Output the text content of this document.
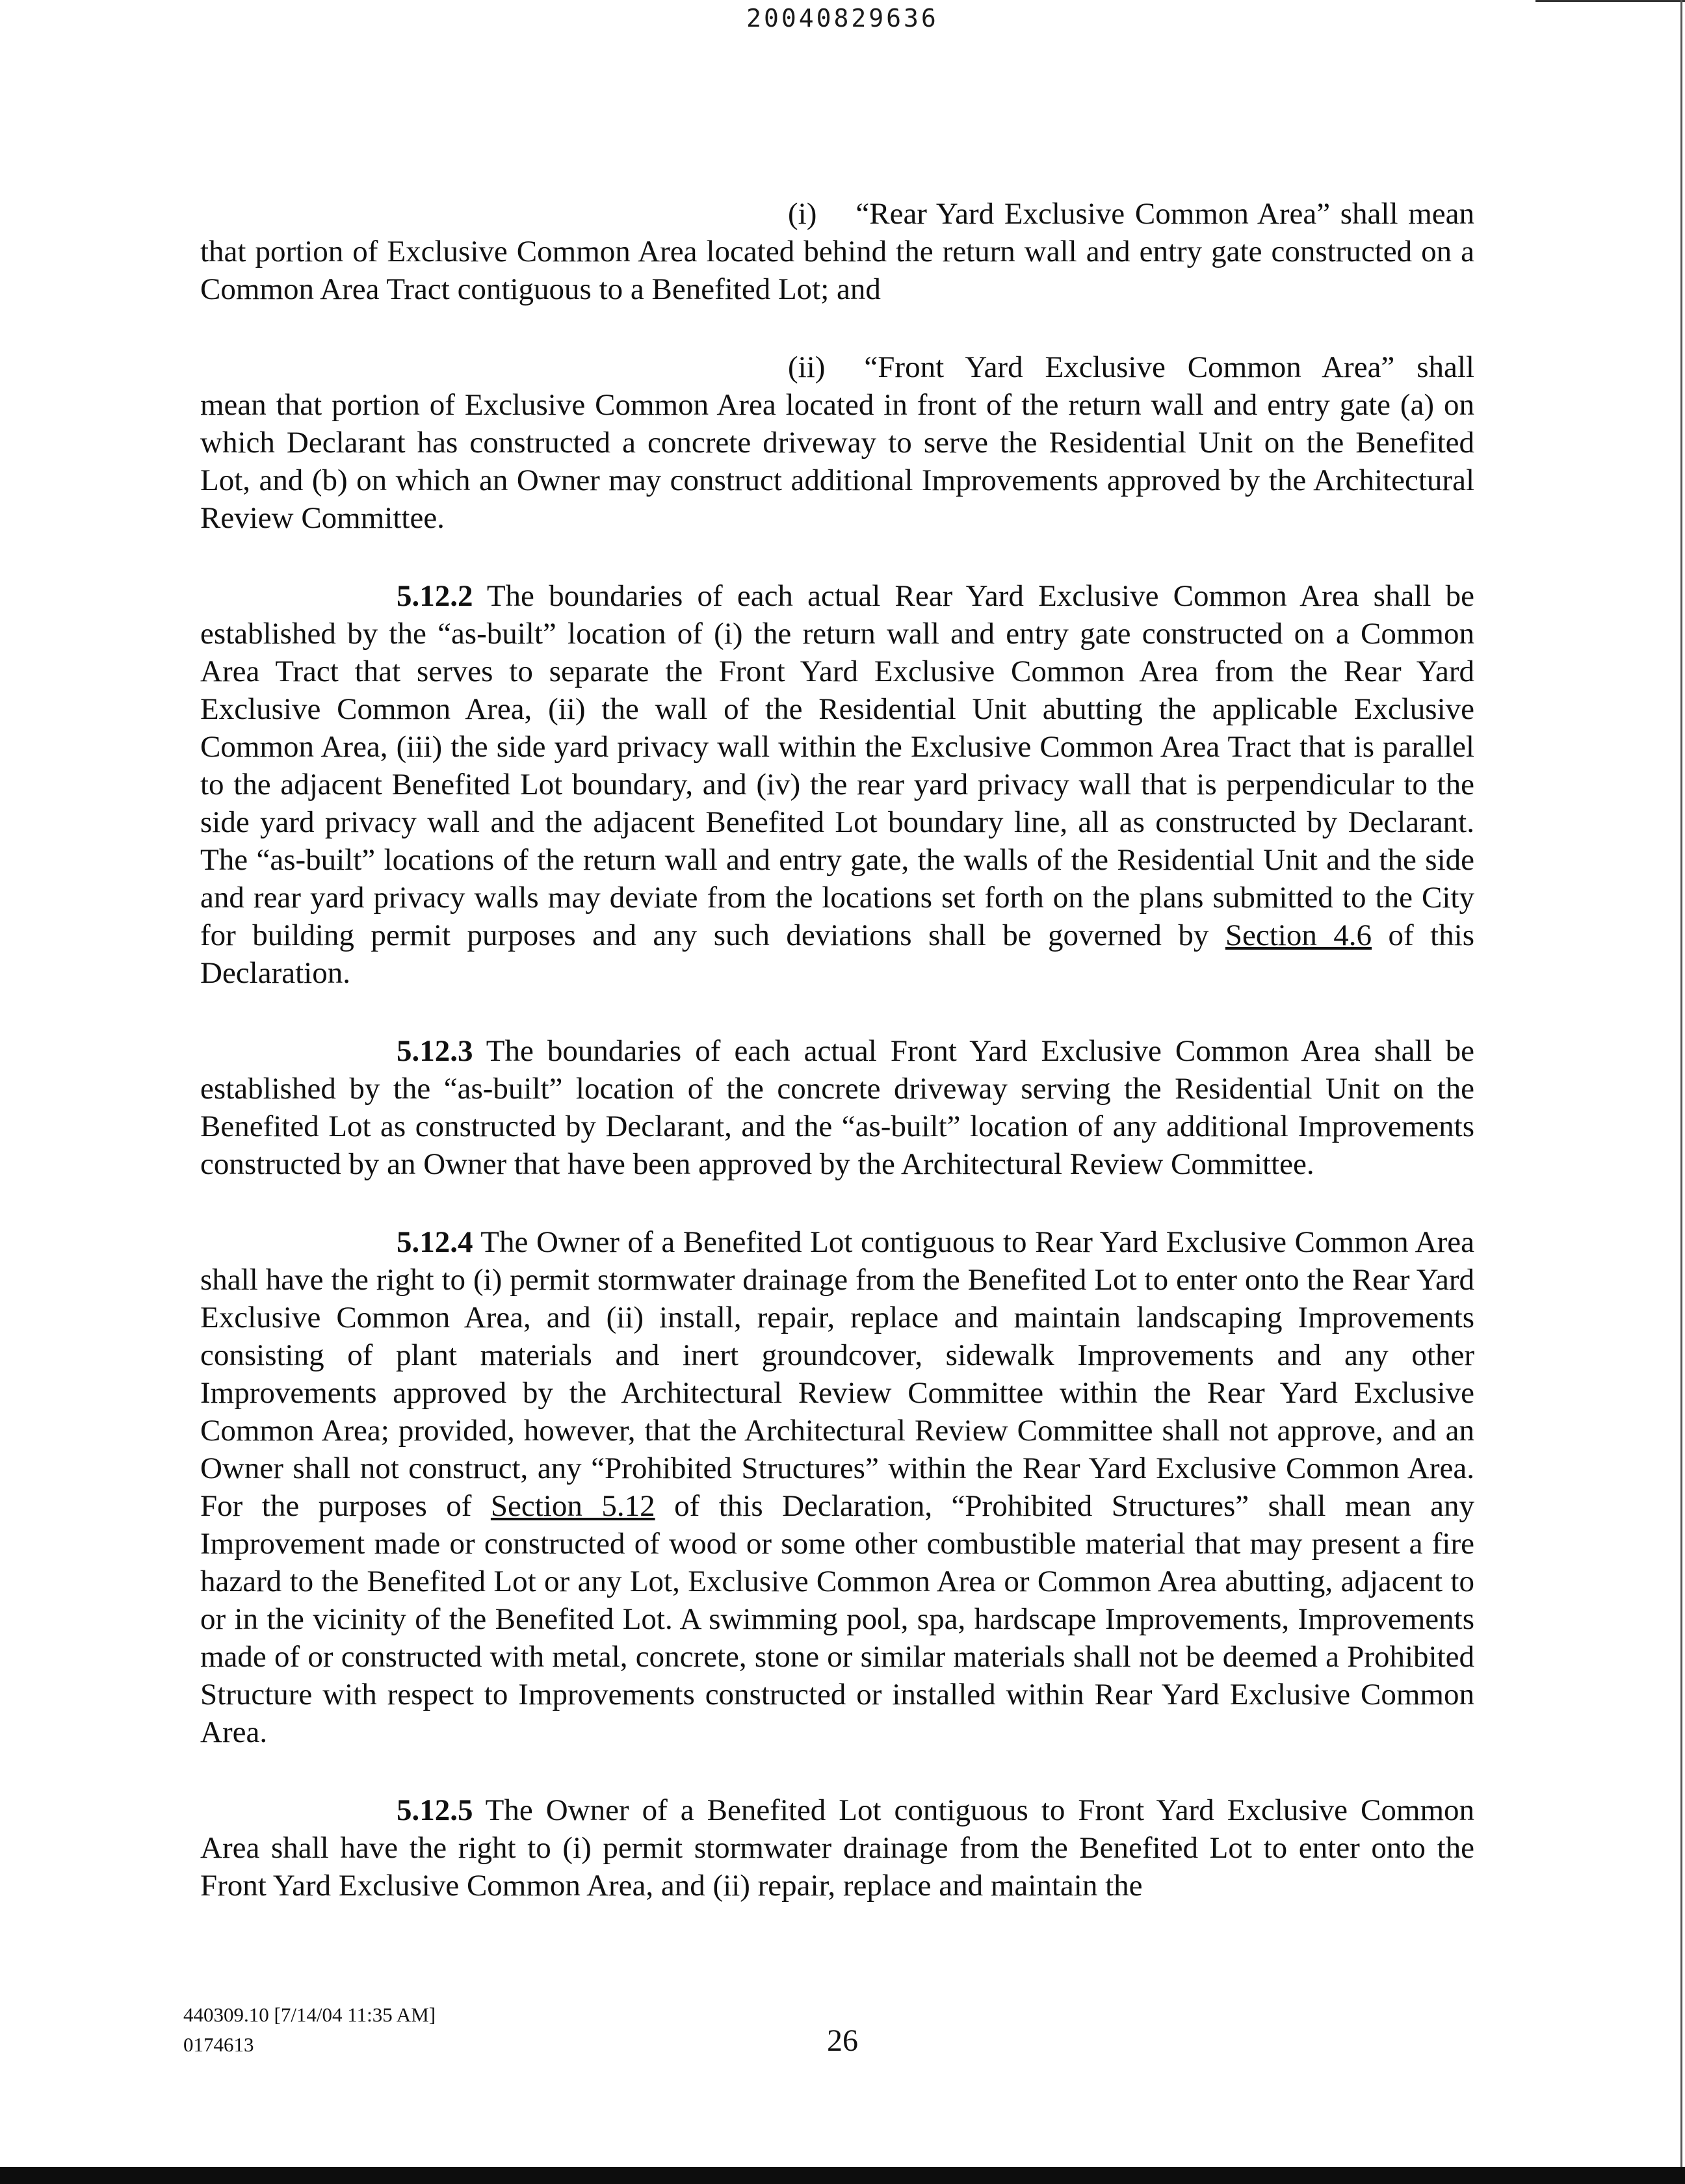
20040829636

(i) “Rear Yard Exclusive Common Area” shall mean that portion of Exclusive Common Area located behind the return wall and entry gate constructed on a Common Area Tract contiguous to a Benefited Lot; and

(ii) “Front Yard Exclusive Common Area” shall mean that portion of Exclusive Common Area located in front of the return wall and entry gate (a) on which Declarant has constructed a concrete driveway to serve the Residential Unit on the Benefited Lot, and (b) on which an Owner may construct additional Improvements approved by the Architectural Review Committee.

5.12.2 The boundaries of each actual Rear Yard Exclusive Common Area shall be established by the “as-built” location of (i) the return wall and entry gate constructed on a Common Area Tract that serves to separate the Front Yard Exclusive Common Area from the Rear Yard Exclusive Common Area, (ii) the wall of the Residential Unit abutting the applicable Exclusive Common Area, (iii) the side yard privacy wall within the Exclusive Common Area Tract that is parallel to the adjacent Benefited Lot boundary, and (iv) the rear yard privacy wall that is perpendicular to the side yard privacy wall and the adjacent Benefited Lot boundary line, all as constructed by Declarant. The “as-built” locations of the return wall and entry gate, the walls of the Residential Unit and the side and rear yard privacy walls may deviate from the locations set forth on the plans submitted to the City for building permit purposes and any such deviations shall be governed by Section 4.6 of this Declaration.

5.12.3 The boundaries of each actual Front Yard Exclusive Common Area shall be established by the “as-built” location of the concrete driveway serving the Residential Unit on the Benefited Lot as constructed by Declarant, and the “as-built” location of any additional Improvements constructed by an Owner that have been approved by the Architectural Review Committee.

5.12.4 The Owner of a Benefited Lot contiguous to Rear Yard Exclusive Common Area shall have the right to (i) permit stormwater drainage from the Benefited Lot to enter onto the Rear Yard Exclusive Common Area, and (ii) install, repair, replace and maintain landscaping Improvements consisting of plant materials and inert groundcover, sidewalk Improvements and any other Improvements approved by the Architectural Review Committee within the Rear Yard Exclusive Common Area; provided, however, that the Architectural Review Committee shall not approve, and an Owner shall not construct, any “Prohibited Structures” within the Rear Yard Exclusive Common Area. For the purposes of Section 5.12 of this Declaration, “Prohibited Structures” shall mean any Improvement made or constructed of wood or some other combustible material that may present a fire hazard to the Benefited Lot or any Lot, Exclusive Common Area or Common Area abutting, adjacent to or in the vicinity of the Benefited Lot. A swimming pool, spa, hardscape Improvements, Improvements made of or constructed with metal, concrete, stone or similar materials shall not be deemed a Prohibited Structure with respect to Improvements constructed or installed within Rear Yard Exclusive Common Area.

5.12.5 The Owner of a Benefited Lot contiguous to Front Yard Exclusive Common Area shall have the right to (i) permit stormwater drainage from the Benefited Lot to enter onto the Front Yard Exclusive Common Area, and (ii) repair, replace and maintain the

440309.10 [7/14/04 11:35 AM]
0174613	26
